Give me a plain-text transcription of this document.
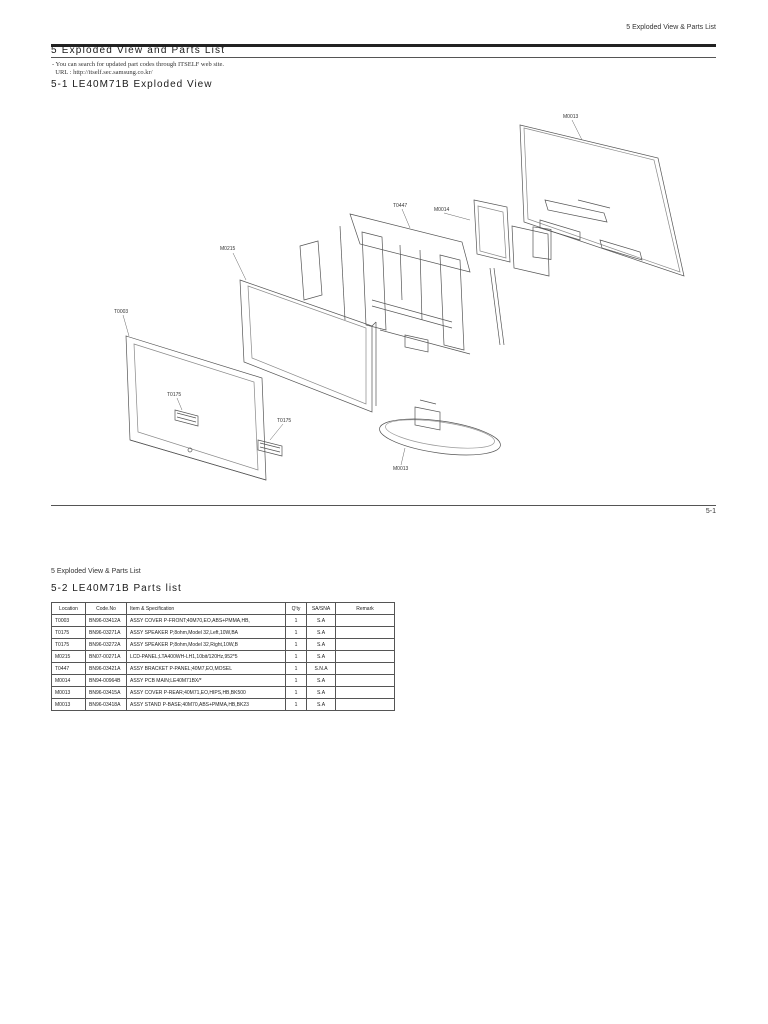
5 Exploded View & Parts List
5 Exploded View and Parts List
- You can search for updated part codes through ITSELF web site.
URL : http://itself.sec.samsung.co.kr/
5-1 LE40M71B Exploded View
M0013
T0447
M0014
M0215
T0003
T0175
T0175
M0013
5-1
5 Exploded View & Parts List
5-2 LE40M71B Parts list
Location	Code.No	Item & Specification	Q'ty	SA/SNA	Remark
T0003	BN96-03412A	ASSY COVER P-FRONT;40M70,EO,ABS+PMMA,HB,	1	S.A	
T0175	BN96-03271A	ASSY SPEAKER P;8ohm,Model 32,Left,10W,BA	1	S.A	
T0175	BN96-03272A	ASSY SPEAKER P;8ohm,Model 32,Right,10W,B	1	S.A	
M0215	BN07-00271A	LCD-PANEL;LTA400WH-LH1,10bit/120Hz,952*5	1	S.A	
T0447	BN96-03421A	ASSY BRACKET P-PANEL;40M7,EO,MOSEL	1	S.N.A	
M0014	BN94-00964B	ASSY PCB MAIN;LE40M71BX/*	1	S.A	
M0013	BN96-03415A	ASSY COVER P-REAR;40M71,EO,HIPS,HB,BK500	1	S.A	
M0013	BN96-03418A	ASSY STAND P-BASE;40M70,ABS+PMMA,HB,BK23	1	S.A	
